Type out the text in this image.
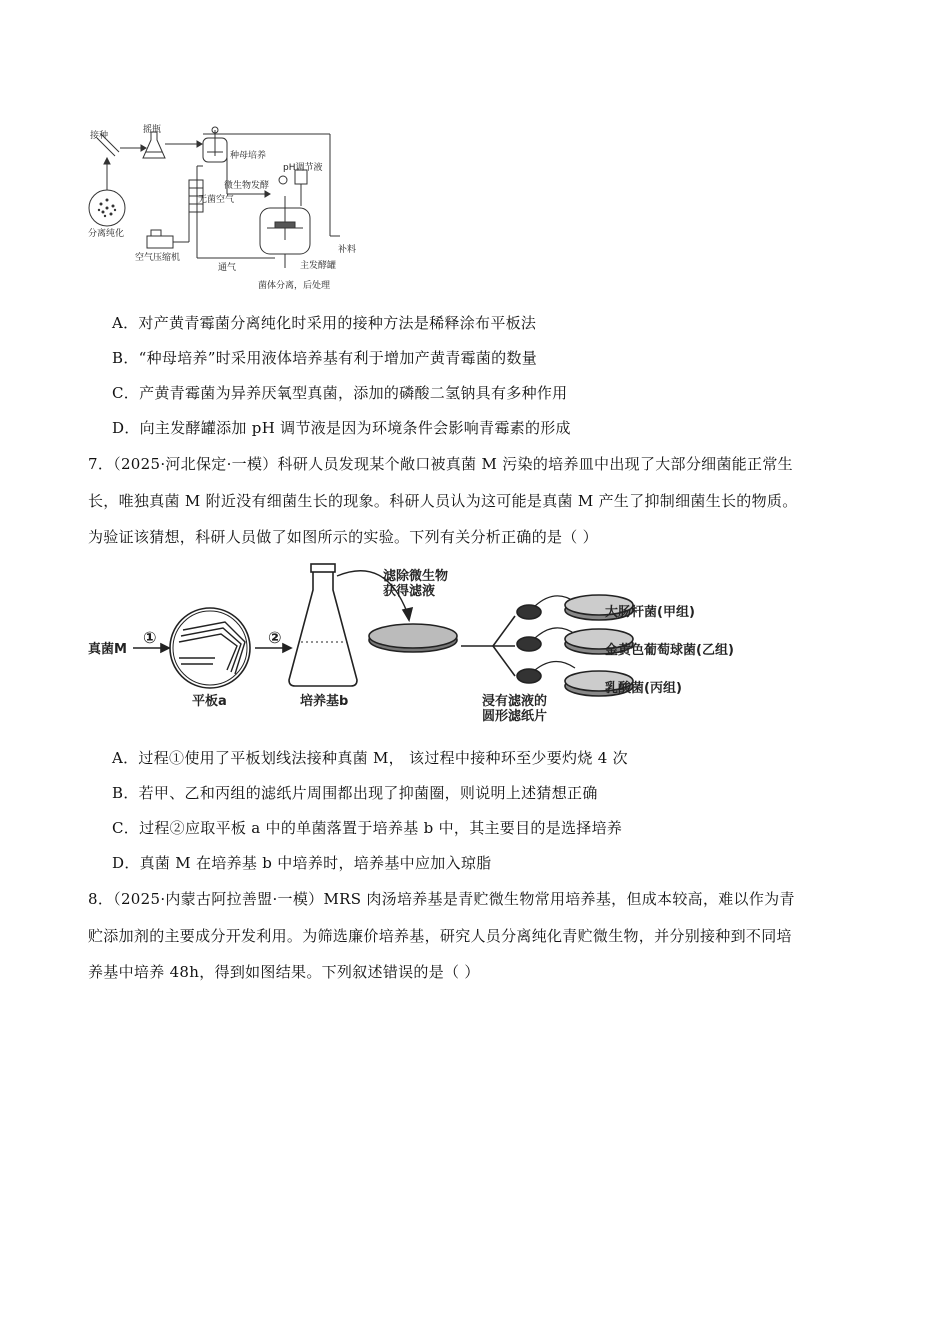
接种
摇瓶
种母培养
pH调节液
微生物发酵
无菌空气
分离纯化
空气压缩机
通气	主发酵罐
补料
菌体分离，后处理
A．对产黄青霉菌分离纯化时采用的接种方法是稀释涂布平板法
B．“种母培养”时采用液体培养基有利于增加产黄青霉菌的数量
C．产黄青霉菌为异养厌氧型真菌，添加的磷酸二氢钠具有多种作用
D．向主发酵罐添加 pH 调节液是因为环境条件会影响青霉素的形成
7．（2025·河北保定·一模）科研人员发现某个敞口被真菌 M 污染的培养皿中出现了大部分细菌能正常生
长，唯独真菌 M 附近没有细菌生长的现象。科研人员认为这可能是真菌 M 产生了抑制细菌生长的物质。
为验证该猜想，科研人员做了如图所示的实验。下列有关分析正确的是（ ）
真菌M
①	②
平板a	培养基b
滤除微生物
获得滤液
浸有滤液的
圆形滤纸片
大肠杆菌(甲组)
金黄色葡萄球菌(乙组)
乳酸菌(丙组)
A．过程①使用了平板划线法接种真菌 M， 该过程中接种环至少要灼烧 4 次
B．若甲、乙和丙组的滤纸片周围都出现了抑菌圈，则说明上述猜想正确
C．过程②应取平板 a 中的单菌落置于培养基 b 中，其主要目的是选择培养
D．真菌 M 在培养基 b 中培养时，培养基中应加入琼脂
8．（2025·内蒙古阿拉善盟·一模）MRS 肉汤培养基是青贮微生物常用培养基，但成本较高，难以作为青
贮添加剂的主要成分开发利用。为筛选廉价培养基，研究人员分离纯化青贮微生物，并分别接种到不同培
养基中培养 48h，得到如图结果。下列叙述错误的是（ ）
